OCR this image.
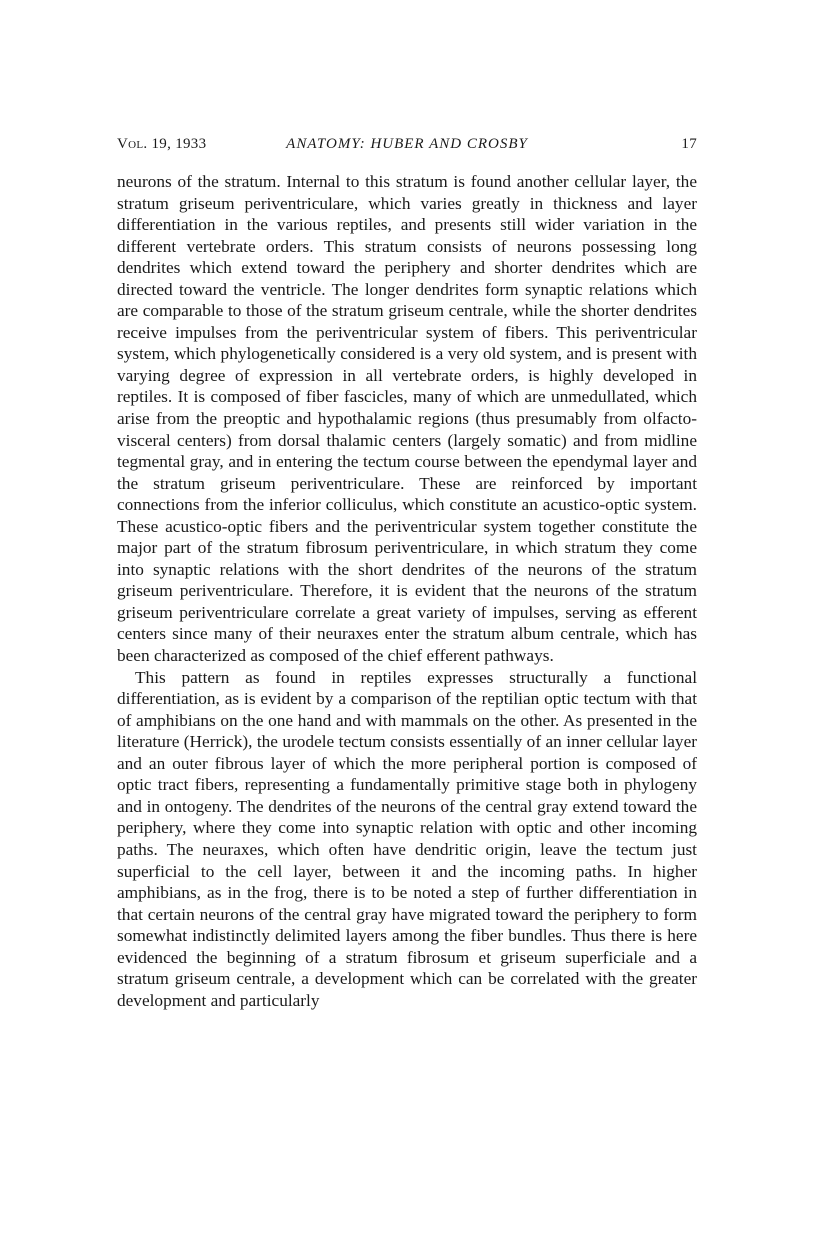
Vol. 19, 1933	ANATOMY: HUBER AND CROSBY	17

neurons of the stratum. Internal to this stratum is found another cellular layer, the stratum griseum periventriculare, which varies greatly in thickness and layer differentiation in the various reptiles, and presents still wider variation in the different vertebrate orders. This stratum consists of neurons possessing long dendrites which extend toward the periphery and shorter dendrites which are directed toward the ventricle. The longer dendrites form synaptic relations which are comparable to those of the stratum griseum centrale, while the shorter dendrites receive impulses from the periventricular system of fibers. This periventricular system, which phylogenetically considered is a very old system, and is present with varying degree of expression in all vertebrate orders, is highly developed in reptiles. It is composed of fiber fascicles, many of which are unmedullated, which arise from the preoptic and hypothalamic regions (thus presumably from olfacto-visceral centers) from dorsal thalamic centers (largely somatic) and from midline tegmental gray, and in entering the tectum course between the ependymal layer and the stratum griseum periventriculare. These are reinforced by important connections from the inferior colliculus, which constitute an acustico-optic system. These acustico-optic fibers and the periventricular system together constitute the major part of the stratum fibrosum periventriculare, in which stratum they come into synaptic relations with the short dendrites of the neurons of the stratum griseum periventriculare. Therefore, it is evident that the neurons of the stratum griseum periventriculare correlate a great variety of impulses, serving as efferent centers since many of their neuraxes enter the stratum album centrale, which has been characterized as composed of the chief efferent pathways.

This pattern as found in reptiles expresses structurally a functional differentiation, as is evident by a comparison of the reptilian optic tectum with that of amphibians on the one hand and with mammals on the other. As presented in the literature (Herrick), the urodele tectum consists essentially of an inner cellular layer and an outer fibrous layer of which the more peripheral portion is composed of optic tract fibers, representing a fundamentally primitive stage both in phylogeny and in ontogeny. The dendrites of the neurons of the central gray extend toward the periphery, where they come into synaptic relation with optic and other incoming paths. The neuraxes, which often have dendritic origin, leave the tectum just superficial to the cell layer, between it and the incoming paths. In higher amphibians, as in the frog, there is to be noted a step of further differentiation in that certain neurons of the central gray have migrated toward the periphery to form somewhat indistinctly delimited layers among the fiber bundles. Thus there is here evidenced the beginning of a stratum fibrosum et griseum superficiale and a stratum griseum centrale, a development which can be correlated with the greater development and particularly
